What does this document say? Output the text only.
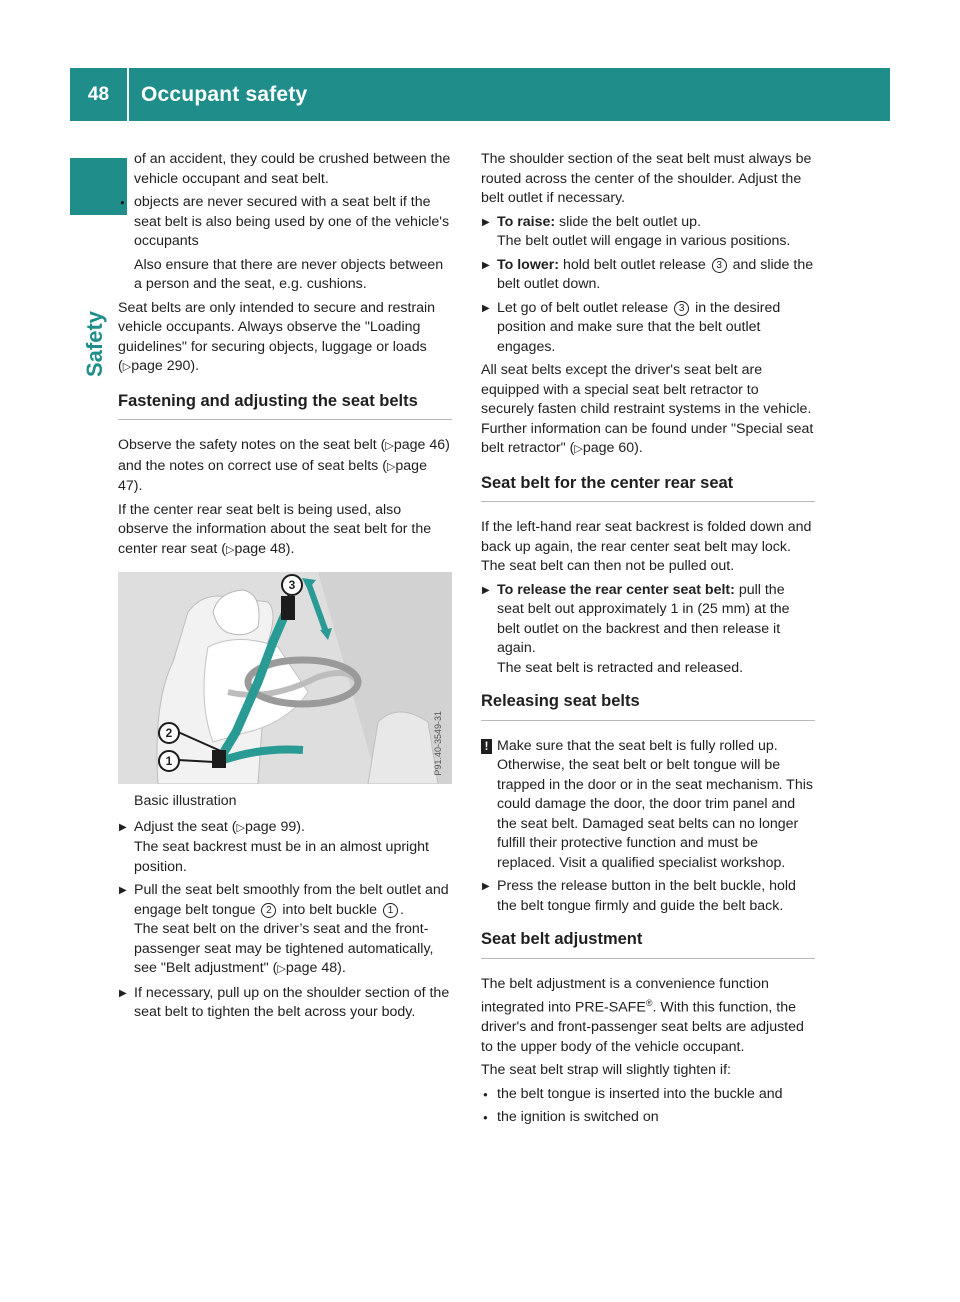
48	Occupant safety
Safety

of an accident, they could be crushed between the vehicle occupant and seat belt.

● objects are never secured with a seat belt if the seat belt is also being used by one of the vehicle's occupants

Also ensure that there are never objects between a person and the seat, e.g. cushions.

Seat belts are only intended to secure and restrain vehicle occupants. Always observe the "Loading guidelines" for securing objects, luggage or loads (▷page 290).

Fastening and adjusting the seat belts

Observe the safety notes on the seat belt (▷page 46) and the notes on correct use of seat belts (▷page 47).

If the center rear seat belt is being used, also observe the information about the seat belt for the center rear seat (▷page 48).

3
2
1	P91.40-3549-31

Basic illustration

▶ Adjust the seat (▷page 99).
The seat backrest must be in an almost upright position.
▶ Pull the seat belt smoothly from the belt outlet and engage belt tongue 2 into belt buckle 1 .
The seat belt on the driver’s seat and the front-passenger seat may be tightened automatically, see "Belt adjustment" (▷page 48).
▶ If necessary, pull up on the shoulder section of the seat belt to tighten the belt across your body.

The shoulder section of the seat belt must always be routed across the center of the shoulder. Adjust the belt outlet if necessary.

▶ To raise: slide the belt outlet up.
The belt outlet will engage in various positions.
▶ To lower: hold belt outlet release 3 and slide the belt outlet down.
▶ Let go of belt outlet release 3 in the desired position and make sure that the belt outlet engages.

All seat belts except the driver's seat belt are equipped with a special seat belt retractor to securely fasten child restraint systems in the vehicle. Further information can be found under "Special seat belt retractor" (▷page 60).

Seat belt for the center rear seat

If the left-hand rear seat backrest is folded down and back up again, the rear center seat belt may lock. The seat belt can then not be pulled out.

▶ To release the rear center seat belt: pull the seat belt out approximately 1 in (25 mm) at the belt outlet on the backrest and then release it again.
The seat belt is retracted and released.
Releasing seat belts
! Make sure that the seat belt is fully rolled up. Otherwise, the seat belt or belt tongue will be trapped in the door or in the seat mechanism. This could damage the door, the door trim panel and the seat belt. Damaged seat belts can no longer fulfill their protective function and must be replaced. Visit a qualified specialist workshop.
▶ Press the release button in the belt buckle, hold the belt tongue firmly and guide the belt back.
Seat belt adjustment

The belt adjustment is a convenience function integrated into PRE-SAFE®. With this function, the driver's and front-passenger seat belts are adjusted to the upper body of the vehicle occupant.

The seat belt strap will slightly tighten if:

● the belt tongue is inserted into the buckle and
● the ignition is switched on
